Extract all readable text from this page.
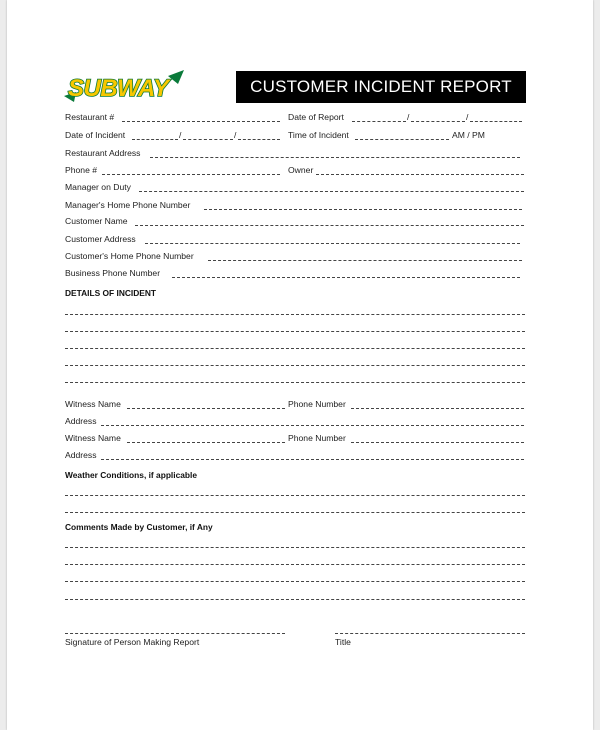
SUBWAY	CUSTOMER INCIDENT REPORT
Restaurant #	Date of Report	/	/
Date of Incident	/	/	Time of Incident	AM / PM
Restaurant Address
Phone #	Owner
Manager on Duty
Manager's Home Phone Number
Customer Name
Customer Address
Customer's Home Phone Number
Business Phone Number
DETAILS OF INCIDENT
Witness Name	Phone Number
Address
Witness Name	Phone Number
Address
Weather Conditions, if applicable
Comments Made by Customer, if Any
Signature of Person Making Report	Title
